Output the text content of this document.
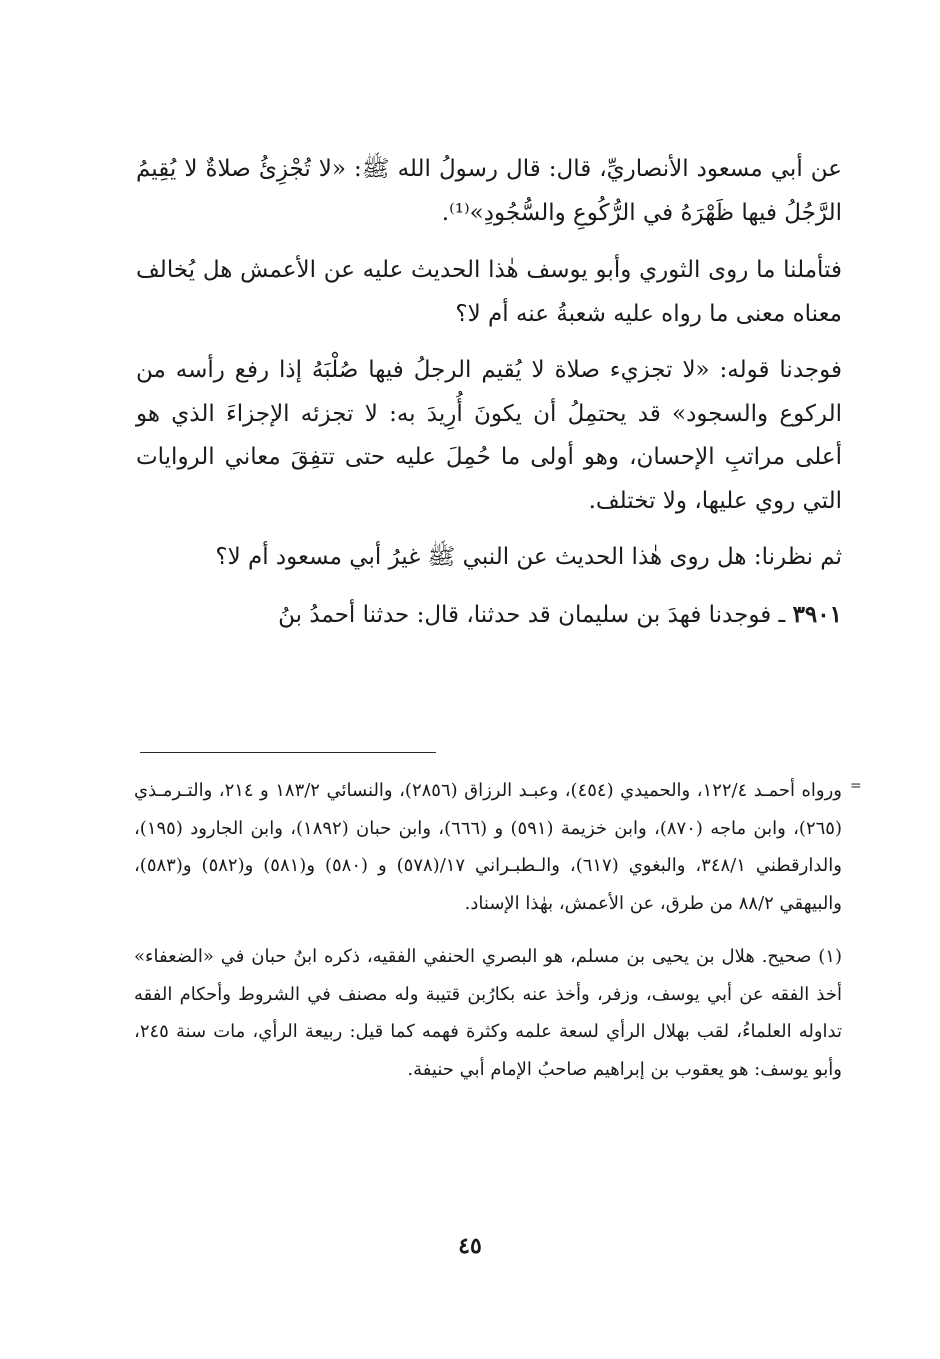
عن أبي مسعود الأنصاريِّ، قال: قال رسولُ الله ﷺ: «لا تُجْزِئُ صلاةٌ لا يُقِيمُ الرَّجُلُ فيها ظَهْرَهُ في الرُّكُوعِ والسُّجُودِ»⁽¹⁾.

فتأملنا ما روى الثوري وأبو يوسف هٰذا الحديث عليه عن الأعمش هل يُخالف معناه معنى ما رواه عليه شعبةُ عنه أم لا؟

فوجدنا قوله: «لا تجزيء صلاة لا يُقيم الرجلُ فيها صُلْبَهُ إذا رفع رأسه من الركوع والسجود» قد يحتمِلُ أن يكونَ أُرِيدَ به: لا تجزئه الإجزاءَ الذي هو أعلى مراتبِ الإحسان، وهو أولى ما حُمِلَ عليه حتى تتفِقَ معاني الروايات التي روي عليها، ولا تختلف.

ثم نظرنا: هل روى هٰذا الحديث عن النبي ﷺ غيرُ أبي مسعود أم لا؟

٣٩٠١ ـ فوجدنا فهدَ بن سليمان قد حدثنا، قال: حدثنا أحمدُ بنُ

=

ورواه أحمـد ١٢٢/٤، والحميدي (٤٥٤)، وعبـد الرزاق (٢٨٥٦)، والنسائي ١٨٣/٢ و ٢١٤، والتـرمـذي (٢٦٥)، وابن ماجه (٨٧٠)، وابن خزيمة (٥٩١) و (٦٦٦)، وابن حبان (١٨٩٢)، وابن الجارود (١٩٥)، والدارقطني ٣٤٨/١، والبغوي (٦١٧)، والـطبـراني ١٧/(٥٧٨) و (٥٨٠) و(٥٨١) و(٥٨٢) و(٥٨٣)، والبيهقي ٨٨/٢ من طرق، عن الأعمش، بهٰذا الإسناد.

(١) صحيح. هلال بن يحيى بن مسلم، هو البصري الحنفي الفقيه، ذكره ابنُ حبان في «الضعفاء» أخذ الفقه عن أبي يوسف، وزفر، وأخذ عنه بكارُبن قتيبة وله مصنف في الشروط وأحكام الفقه تداوله العلماءُ، لقب بهلال الرأي لسعة علمه وكثرة فهمه كما قيل: ربيعة الرأي، مات سنة ٢٤٥، وأبو يوسف: هو يعقوب بن إبراهيم صاحبُ الإمام أبي حنيفة.

٤٥
